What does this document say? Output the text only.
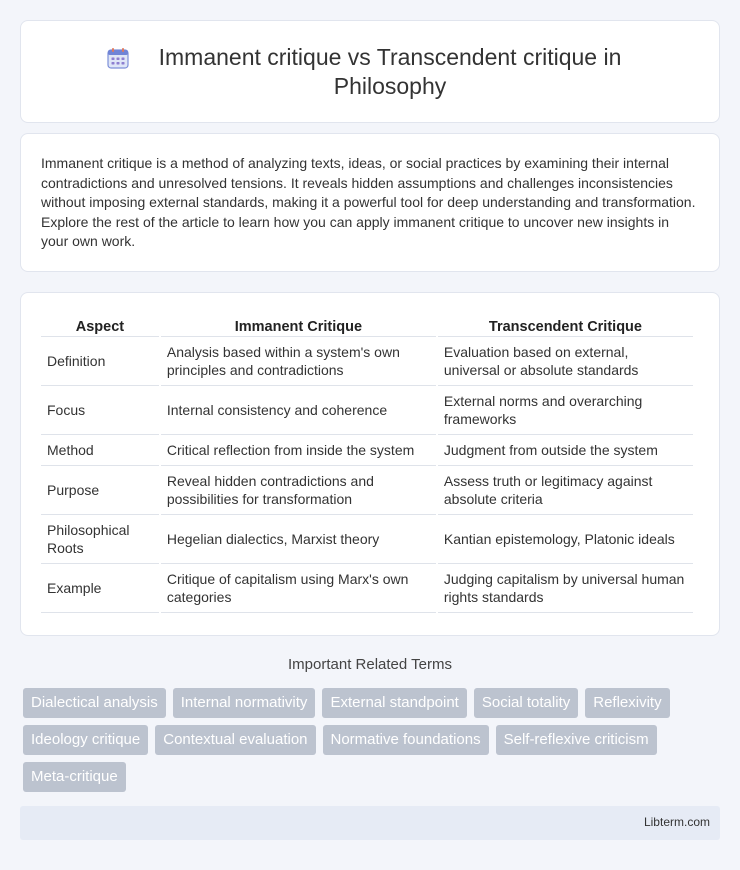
Immanent critique vs Transcendent critique in Philosophy

Immanent critique is a method of analyzing texts, ideas, or social practices by examining their internal contradictions and unresolved tensions. It reveals hidden assumptions and challenges inconsistencies without imposing external standards, making it a powerful tool for deep understanding and transformation. Explore the rest of the article to learn how you can apply immanent critique to uncover new insights in your own work.

Aspect	Immanent Critique	Transcendent Critique
Definition	Analysis based within a system's own principles and contradictions	Evaluation based on external, universal or absolute standards
Focus	Internal consistency and coherence	External norms and overarching frameworks
Method	Critical reflection from inside the system	Judgment from outside the system
Purpose	Reveal hidden contradictions and possibilities for transformation	Assess truth or legitimacy against absolute criteria
Philosophical Roots	Hegelian dialectics, Marxist theory	Kantian epistemology, Platonic ideals
Example	Critique of capitalism using Marx's own categories	Judging capitalism by universal human rights standards
Important Related Terms
Dialectical analysis	Internal normativity	External standpoint	Social totality	Reflexivity
Ideology critique	Contextual evaluation	Normative foundations	Self-reflexive criticism
Meta-critique
Libterm.com
